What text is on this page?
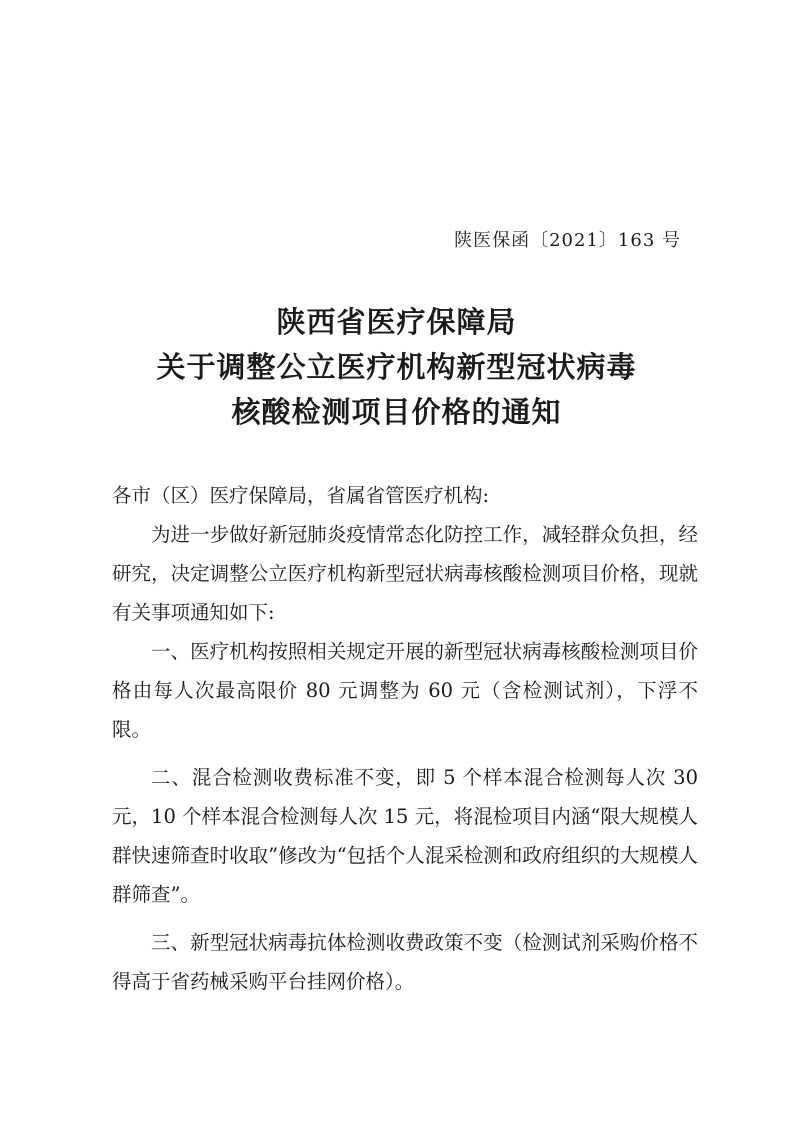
陕医保函〔2021〕163 号
陕西省医疗保障局
关于调整公立医疗机构新型冠状病毒
核酸检测项目价格的通知

各市（区）医疗保障局，省属省管医疗机构:

为进一步做好新冠肺炎疫情常态化防控工作，减轻群众负担，经研究，决定调整公立医疗机构新型冠状病毒核酸检测项目价格，现就有关事项通知如下:

一、医疗机构按照相关规定开展的新型冠状病毒核酸检测项目价格由每人次最高限价 80 元调整为 60 元（含检测试剂），下浮不限。

二、混合检测收费标准不变，即 5 个样本混合检测每人次 30 元，10 个样本混合检测每人次 15 元，将混检项目内涵“限大规模人群快速筛查时收取”修改为“包括个人混采检测和政府组织的大规模人群筛查”。

三、新型冠状病毒抗体检测收费政策不变（检测试剂采购价格不得高于省药械采购平台挂网价格）。
